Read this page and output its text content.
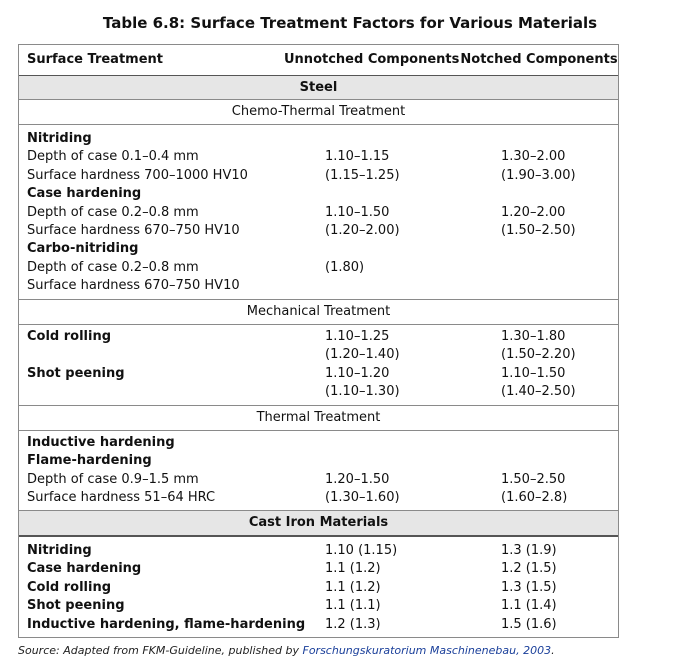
Table 6.8: Surface Treatment Factors for Various Materials
Surface Treatment	Unnotched Components Notched Components
Steel
Chemo-Thermal Treatment
Nitriding
Depth of case 0.1–0.4 mm	1.10–1.15	1.30–2.00
Surface hardness 700–1000 HV10	(1.15–1.25)	(1.90–3.00)
Case hardening
Depth of case 0.2–0.8 mm	1.10–1.50	1.20–2.00
Surface hardness 670–750 HV10	(1.20–2.00)	(1.50–2.50)
Carbo-nitriding
Depth of case 0.2–0.8 mm	(1.80)
Surface hardness 670–750 HV10
Mechanical Treatment
Cold rolling	1.10–1.25	1.30–1.80
(1.20–1.40)	(1.50–2.20)
Shot peening	1.10–1.20	1.10–1.50
(1.10–1.30)	(1.40–2.50)
Thermal Treatment
Inductive hardening
Flame-hardening
Depth of case 0.9–1.5 mm	1.20–1.50	1.50–2.50
Surface hardness 51–64 HRC	(1.30–1.60)	(1.60–2.8)
Cast Iron Materials
Nitriding	1.10 (1.15)	1.3 (1.9)
Case hardening	1.1 (1.2)	1.2 (1.5)
Cold rolling	1.1 (1.2)	1.3 (1.5)
Shot peening	1.1 (1.1)	1.1 (1.4)
Inductive hardening, flame-hardening 1.2 (1.3)	1.5 (1.6)
Source: Adapted from FKM-Guideline, published by Forschungskuratorium Maschinenebau, 2003.
